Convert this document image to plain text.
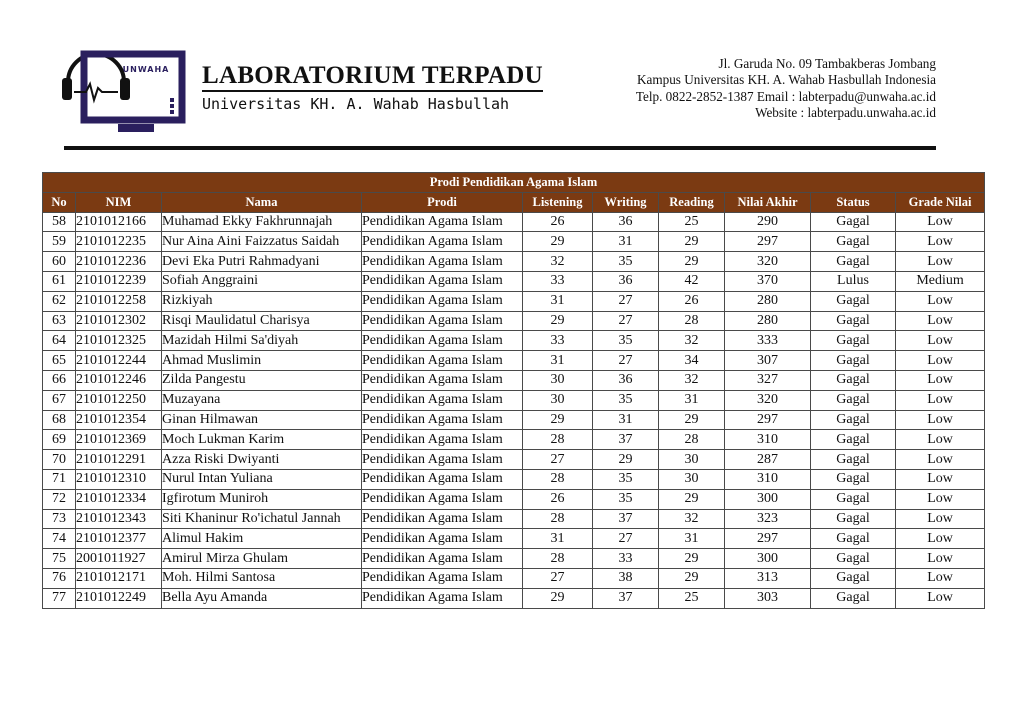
UNWAHA LABORATORIUM TERPADU
Universitas KH. A. Wahab Hasbullah
Jl. Garuda No. 09 Tambakberas Jombang
Kampus Universitas KH. A. Wahab Hasbullah Indonesia
Telp. 0822-2852-1387 Email : labterpadu@unwaha.ac.id
Website : labterpadu.unwaha.ac.id
Prodi Pendidikan Agama Islam									
No	NIM	Nama	Prodi	Listening	Writing	Reading	Nilai Akhir	Status	Grade Nilai
58	2101012166	Muhamad Ekky Fakhrunnajah	Pendidikan Agama Islam	26	36	25	290	Gagal	Low
59	2101012235	Nur Aina Aini Faizzatus Saidah	Pendidikan Agama Islam	29	31	29	297	Gagal	Low
60	2101012236	Devi Eka Putri Rahmadyani	Pendidikan Agama Islam	32	35	29	320	Gagal	Low
61	2101012239	Sofiah Anggraini	Pendidikan Agama Islam	33	36	42	370	Lulus	Medium
62	2101012258	Rizkiyah	Pendidikan Agama Islam	31	27	26	280	Gagal	Low
63	2101012302	Risqi Maulidatul Charisya	Pendidikan Agama Islam	29	27	28	280	Gagal	Low
64	2101012325	Mazidah Hilmi Sa'diyah	Pendidikan Agama Islam	33	35	32	333	Gagal	Low
65	2101012244	Ahmad Muslimin	Pendidikan Agama Islam	31	27	34	307	Gagal	Low
66	2101012246	Zilda Pangestu	Pendidikan Agama Islam	30	36	32	327	Gagal	Low
67	2101012250	Muzayana	Pendidikan Agama Islam	30	35	31	320	Gagal	Low
68	2101012354	Ginan Hilmawan	Pendidikan Agama Islam	29	31	29	297	Gagal	Low
69	2101012369	Moch Lukman Karim	Pendidikan Agama Islam	28	37	28	310	Gagal	Low
70	2101012291	Azza Riski Dwiyanti	Pendidikan Agama Islam	27	29	30	287	Gagal	Low
71	2101012310	Nurul Intan Yuliana	Pendidikan Agama Islam	28	35	30	310	Gagal	Low
72	2101012334	Igfirotum Muniroh	Pendidikan Agama Islam	26	35	29	300	Gagal	Low
73	2101012343	Siti Khaninur Ro'ichatul Jannah	Pendidikan Agama Islam	28	37	32	323	Gagal	Low
74	2101012377	Alimul Hakim	Pendidikan Agama Islam	31	27	31	297	Gagal	Low
75	2001011927	Amirul Mirza Ghulam	Pendidikan Agama Islam	28	33	29	300	Gagal	Low
76	2101012171	Moh. Hilmi Santosa	Pendidikan Agama Islam	27	38	29	313	Gagal	Low
77	2101012249	Bella Ayu Amanda	Pendidikan Agama Islam	29	37	25	303	Gagal	Low
